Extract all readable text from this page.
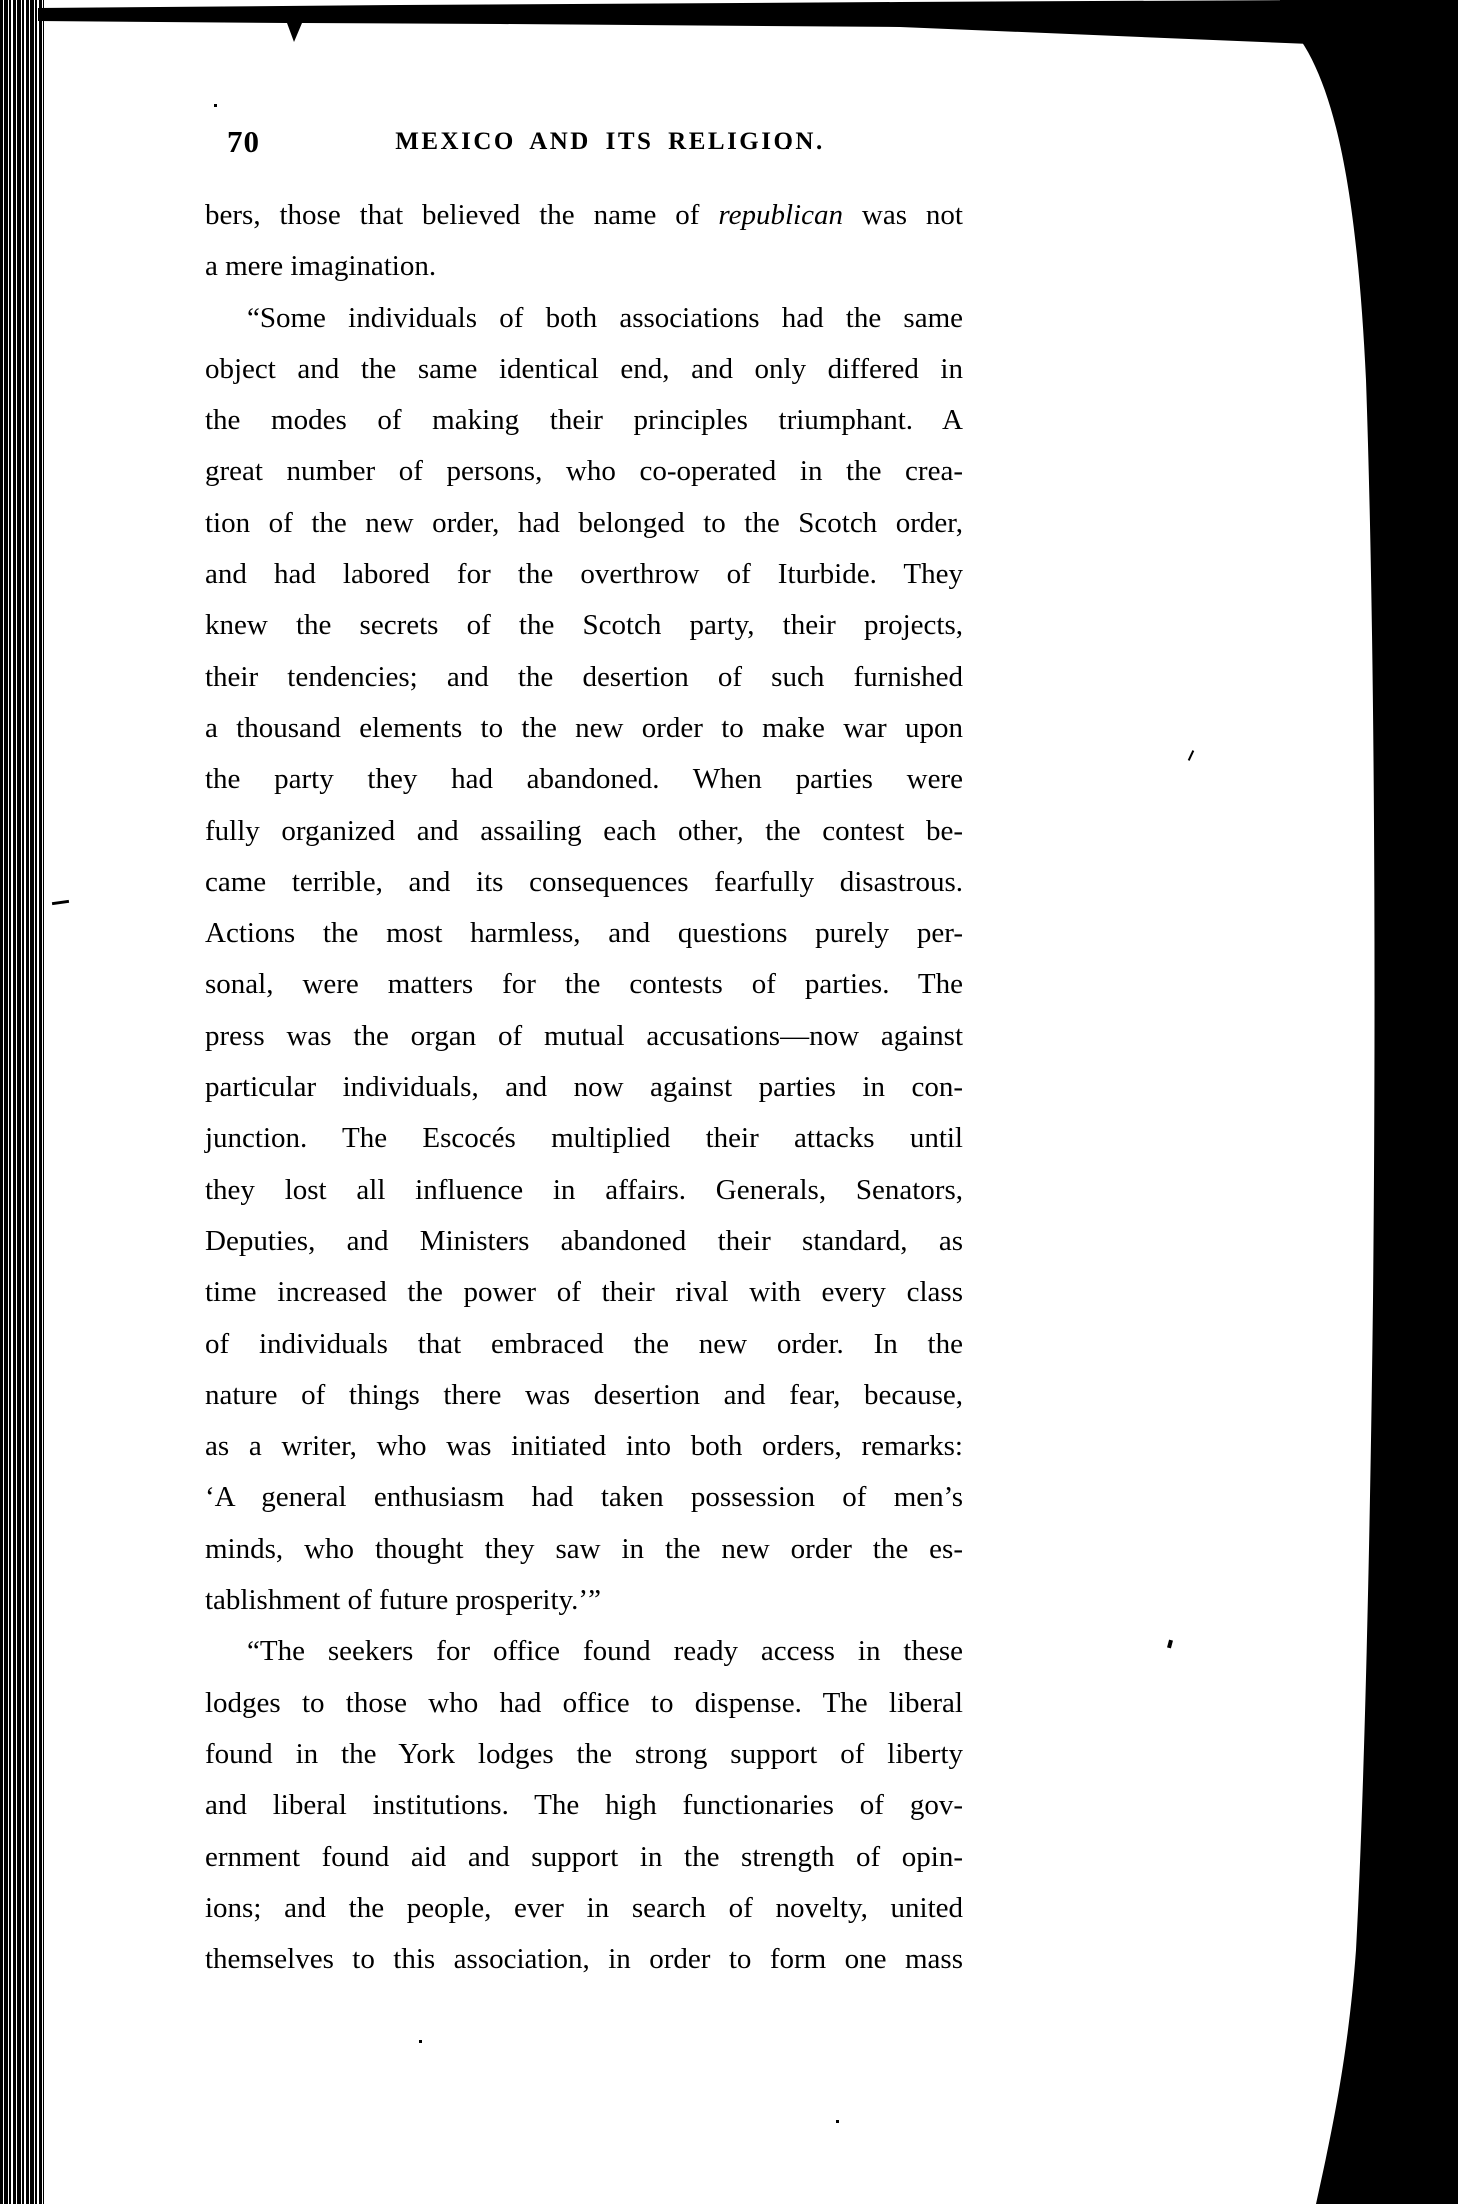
70	MEXICO AND ITS RELIGION.
bers, those that believed the name of republican was not
a mere imagination.
“Some individuals of both associations had the same
object and the same identical end, and only differed in
the modes of making their principles triumphant. A
great number of persons, who co-operated in the crea-
tion of the new order, had belonged to the Scotch order,
and had labored for the overthrow of Iturbide. They
knew the secrets of the Scotch party, their projects,
their tendencies; and the desertion of such furnished
a thousand elements to the new order to make war upon
the party they had abandoned. When parties were
fully organized and assailing each other, the contest be-
came terrible, and its consequences fearfully disastrous.
Actions the most harmless, and questions purely per-
sonal, were matters for the contests of parties. The
press was the organ of mutual accusations—now against
particular individuals, and now against parties in con-
junction. The Escocés multiplied their attacks until
they lost all influence in affairs. Generals, Senators,
Deputies, and Ministers abandoned their standard, as
time increased the power of their rival with every class
of individuals that embraced the new order. In the
nature of things there was desertion and fear, because,
as a writer, who was initiated into both orders, remarks:
‘A general enthusiasm had taken possession of men’s
minds, who thought they saw in the new order the es-
tablishment of future prosperity.’”
“The seekers for office found ready access in these
lodges to those who had office to dispense. The liberal
found in the York lodges the strong support of liberty
and liberal institutions. The high functionaries of gov-
ernment found aid and support in the strength of opin-
ions; and the people, ever in search of novelty, united
themselves to this association, in order to form one mass
